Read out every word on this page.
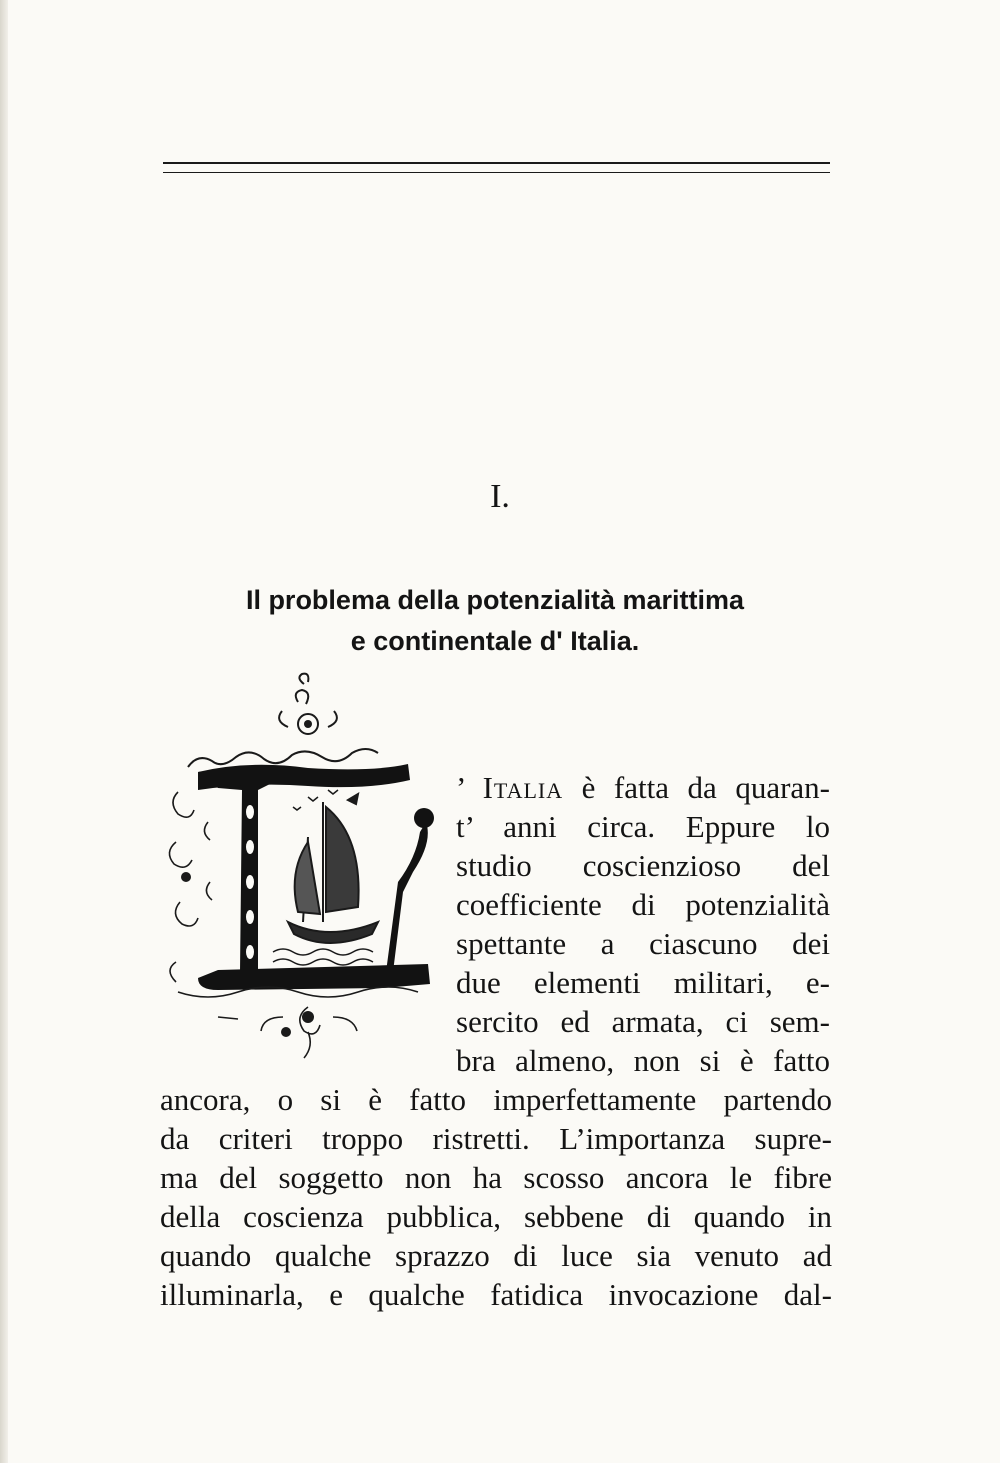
I.
Il problema della potenzialità marittima
e continentale d' Italia.
’ Italia è fatta da quaran-
t’ anni circa. Eppure lo
studio coscienzioso del
coefficiente di potenzialità
spettante a ciascuno dei
due elementi militari, e-
sercito ed armata, ci sem-
bra almeno, non si è fatto
ancora, o si è fatto imperfettamente partendo
da criteri troppo ristretti. L’importanza supre-
ma del soggetto non ha scosso ancora le fibre
della coscienza pubblica, sebbene di quando in
quando qualche sprazzo di luce sia venuto ad
illuminarla, e qualche fatidica invocazione dal-
